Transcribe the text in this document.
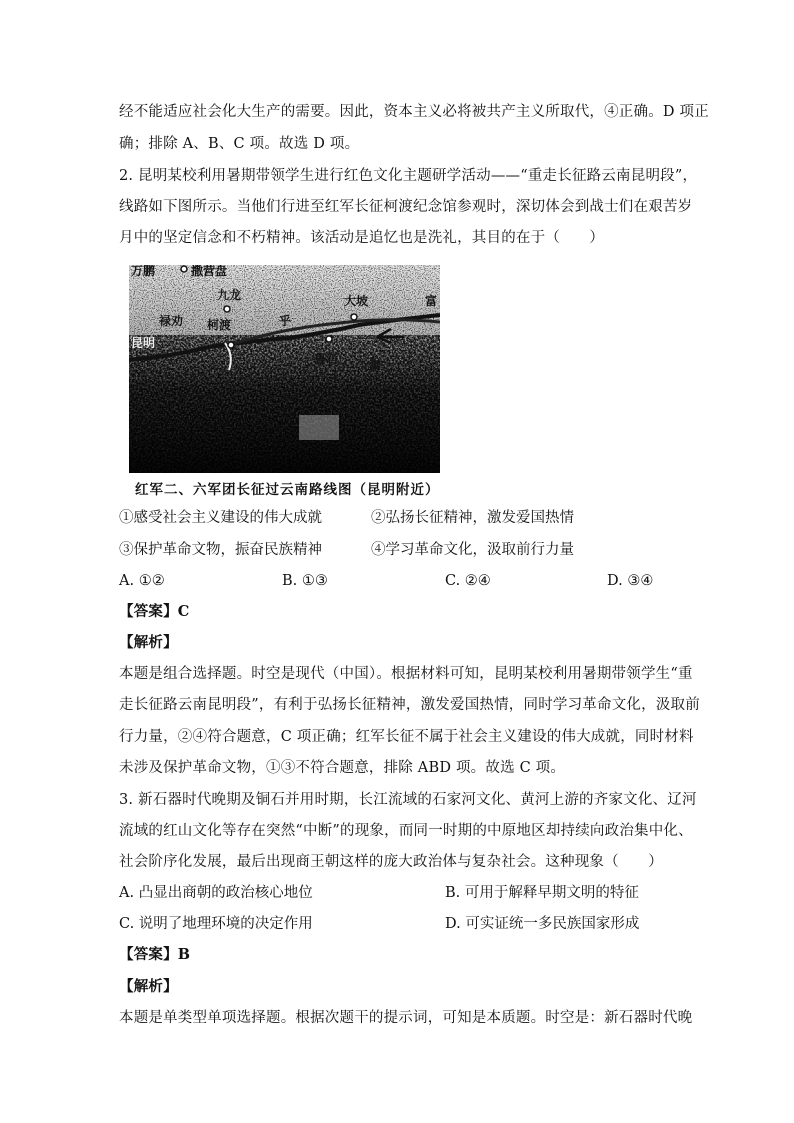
经不能适应社会化大生产的需要。因此，资本主义必将被共产主义所取代，④正确。D 项正
确；排除 A、B、C 项。故选 D 项。
2. 昆明某校利用暑期带领学生进行红色文化主题研学活动——“重走长征路云南昆明段”，
线路如下图所示。当他们行进至红军长征柯渡纪念馆参观时，深切体会到战士们在艰苦岁
月中的坚定信念和不朽精神。该活动是追忆也是洗礼，其目的在于（　　）
万鹏	撒营盘
九龙	大坡	富
禄劝 柯渡	乎
鲁石
昆明
嵩
红军二、六军团长征过云南路线图（昆明附近）
①感受社会主义建设的伟大成就	②弘扬长征精神，激发爱国热情
③保护革命文物，振奋民族精神	④学习革命文化，汲取前行力量
A. ①②	B. ①③	C. ②④	D. ③④
【答案】C
【解析】
本题是组合选择题。时空是现代（中国）。根据材料可知，昆明某校利用暑期带领学生“重
走长征路云南昆明段”，有利于弘扬长征精神，激发爱国热情，同时学习革命文化，汲取前
行力量，②④符合题意，C 项正确；红军长征不属于社会主义建设的伟大成就，同时材料
未涉及保护革命文物，①③不符合题意，排除 ABD 项。故选 C 项。
3. 新石器时代晚期及铜石并用时期，长江流域的石家河文化、黄河上游的齐家文化、辽河
流域的红山文化等存在突然“中断”的现象，而同一时期的中原地区却持续向政治集中化、
社会阶序化发展，最后出现商王朝这样的庞大政治体与复杂社会。这种现象（　　）
A. 凸显出商朝的政治核心地位	B. 可用于解释早期文明的特征
C. 说明了地理环境的决定作用	D. 可实证统一多民族国家形成
【答案】B
【解析】
本题是单类型单项选择题。根据次题干的提示词，可知是本质题。时空是：新石器时代晚
